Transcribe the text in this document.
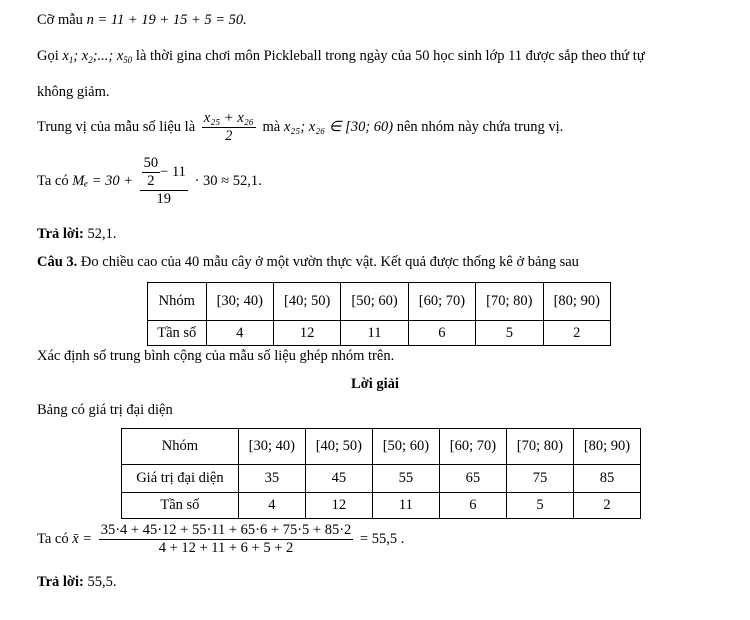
Cỡ mẫu n = 11 + 19 + 15 + 5 = 50.
Gọi $x_1$; $x_2$;...; $x_{50}$ là thời gina chơi môn Pickleball trong ngày của 50 học sinh lớp 11 được sắp theo thứ tự
không giảm.
Trung vị của mẫu số liệu là $\frac{\text{x₂₅ + x₂₆}}{2}$ mà x₂₅; x₂₆ ∈ [30; 60) nên nhóm này chứa trung vị.
Ta có $M_e = 30 + \frac{\frac{50}{2} - 11}{19} \cdot 30 \approx 52,1$.
Trả lời: 52,1.
Câu 3. Đo chiều cao của 40 mẫu cây ở một vườn thực vật. Kết quả được thống kê ở bảng sau
Nhóm	[30; 40)	[40; 50)	[50; 60)	[60; 70)	[70; 80)	[80; 90)
Tần số	4	12	11	6	5	2
Xác định số trung bình cộng của mẫu số liệu ghép nhóm trên.
Lời giải
Bảng có giá trị đại diện
Nhóm	[30; 40)	[40; 50)	[50; 60)	[60; 70)	[70; 80)	[80; 90)
Giá trị đại diện	35	45	55	65	75	85
Tần số	4	12	11	6	5	2
Ta có x̄ = $\frac{35\cdot 4 + 45\cdot 12 + 55\cdot 11 + 65\cdot 6 + 75\cdot 5 + 85\cdot 2}{4 + 12 + 11 + 6 + 5 + 2} = 55,5$ .
Trả lời: 55,5.
